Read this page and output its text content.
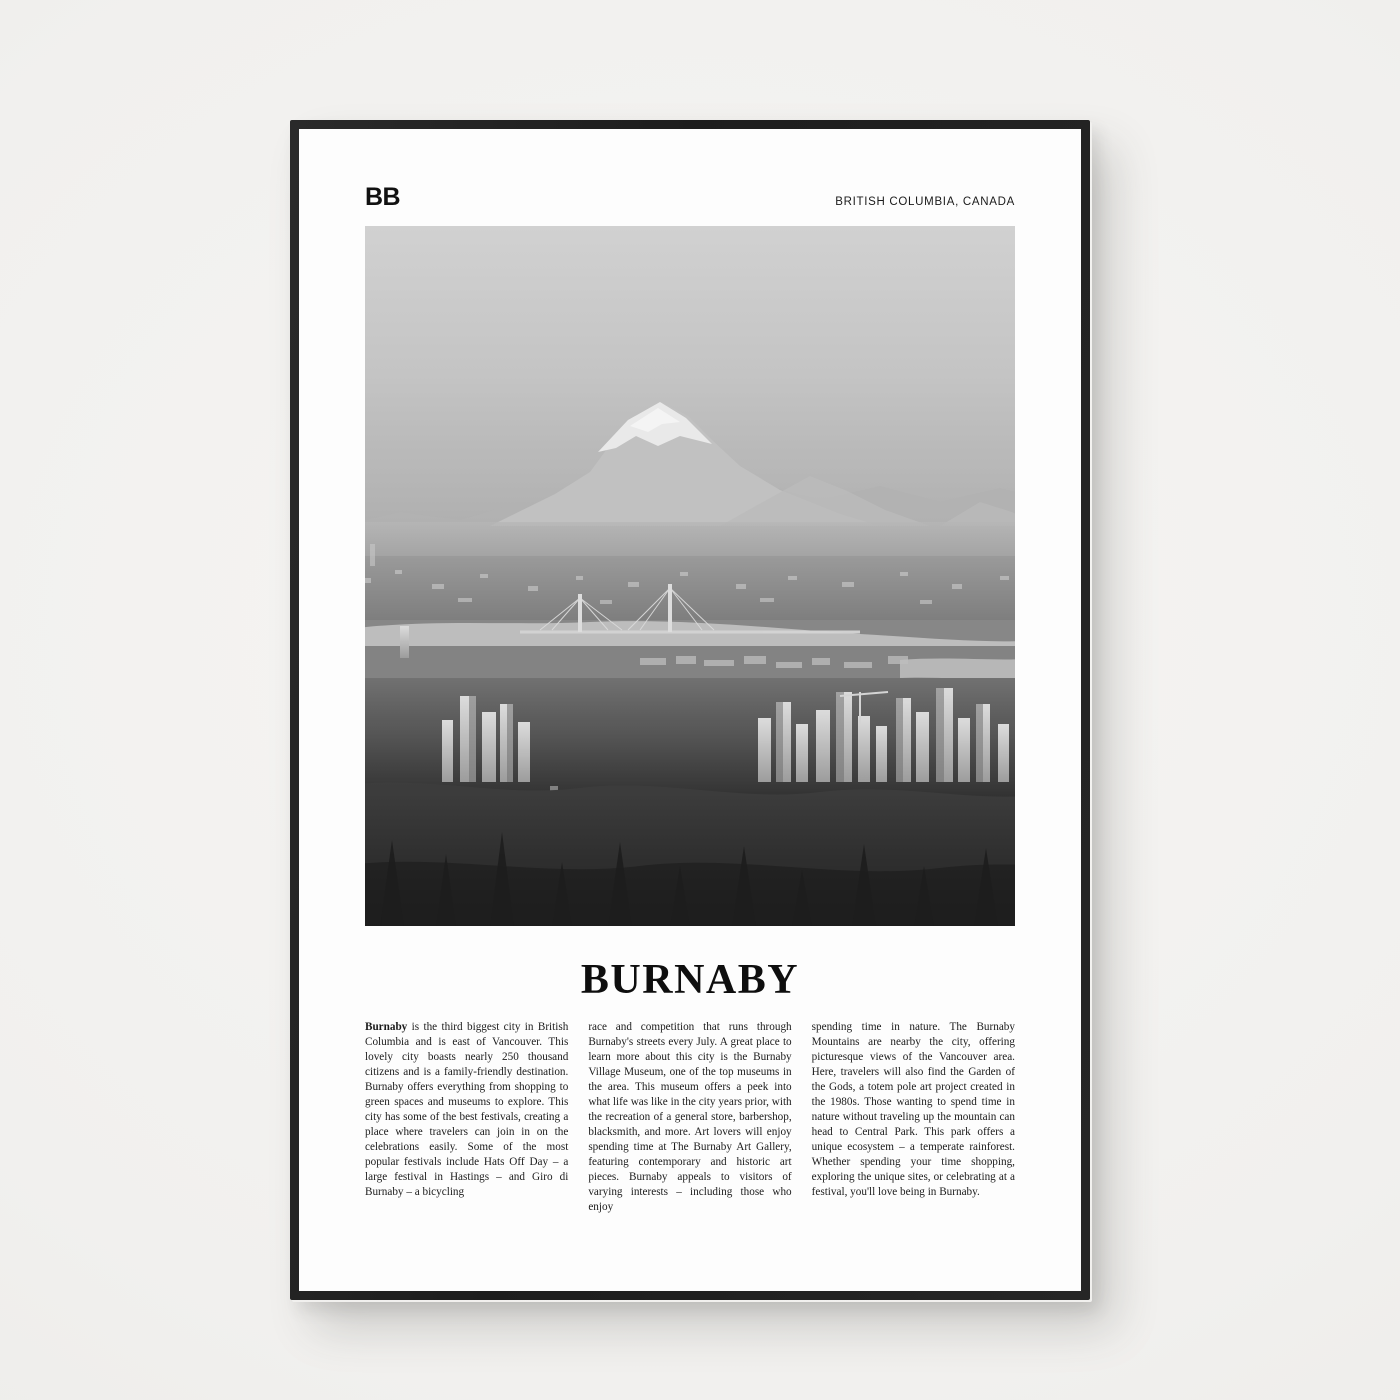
BB	BRITISH COLUMBIA, CANADA
BURNABY
Burnaby is the third biggest city in British Columbia and is east of Vancouver. This lovely city boasts nearly 250 thousand citizens and is a family-friendly destination. Burnaby offers everything from shopping to green spaces and museums to explore. This city has some of the best festivals, creating a place where travelers can join in on the celebrations easily. Some of the most popular festivals include Hats Off Day – a large festival in Hastings – and Giro di Burnaby – a bicycling
race and competition that runs through Burnaby's streets every July. A great place to learn more about this city is the Burnaby Village Museum, one of the top museums in the area. This museum offers a peek into what life was like in the city years prior, with the recreation of a general store, barbershop, blacksmith, and more. Art lovers will enjoy spending time at The Burnaby Art Gallery, featuring contemporary and historic art pieces. Burnaby appeals to visitors of varying interests – including those who enjoy
spending time in nature. The Burnaby Mountains are nearby the city, offering picturesque views of the Vancouver area. Here, travelers will also find the Garden of the Gods, a totem pole art project created in the 1980s. Those wanting to spend time in nature without traveling up the mountain can head to Central Park. This park offers a unique ecosystem – a temperate rainforest. Whether spending your time shopping, exploring the unique sites, or celebrating at a festival, you'll love being in Burnaby.
